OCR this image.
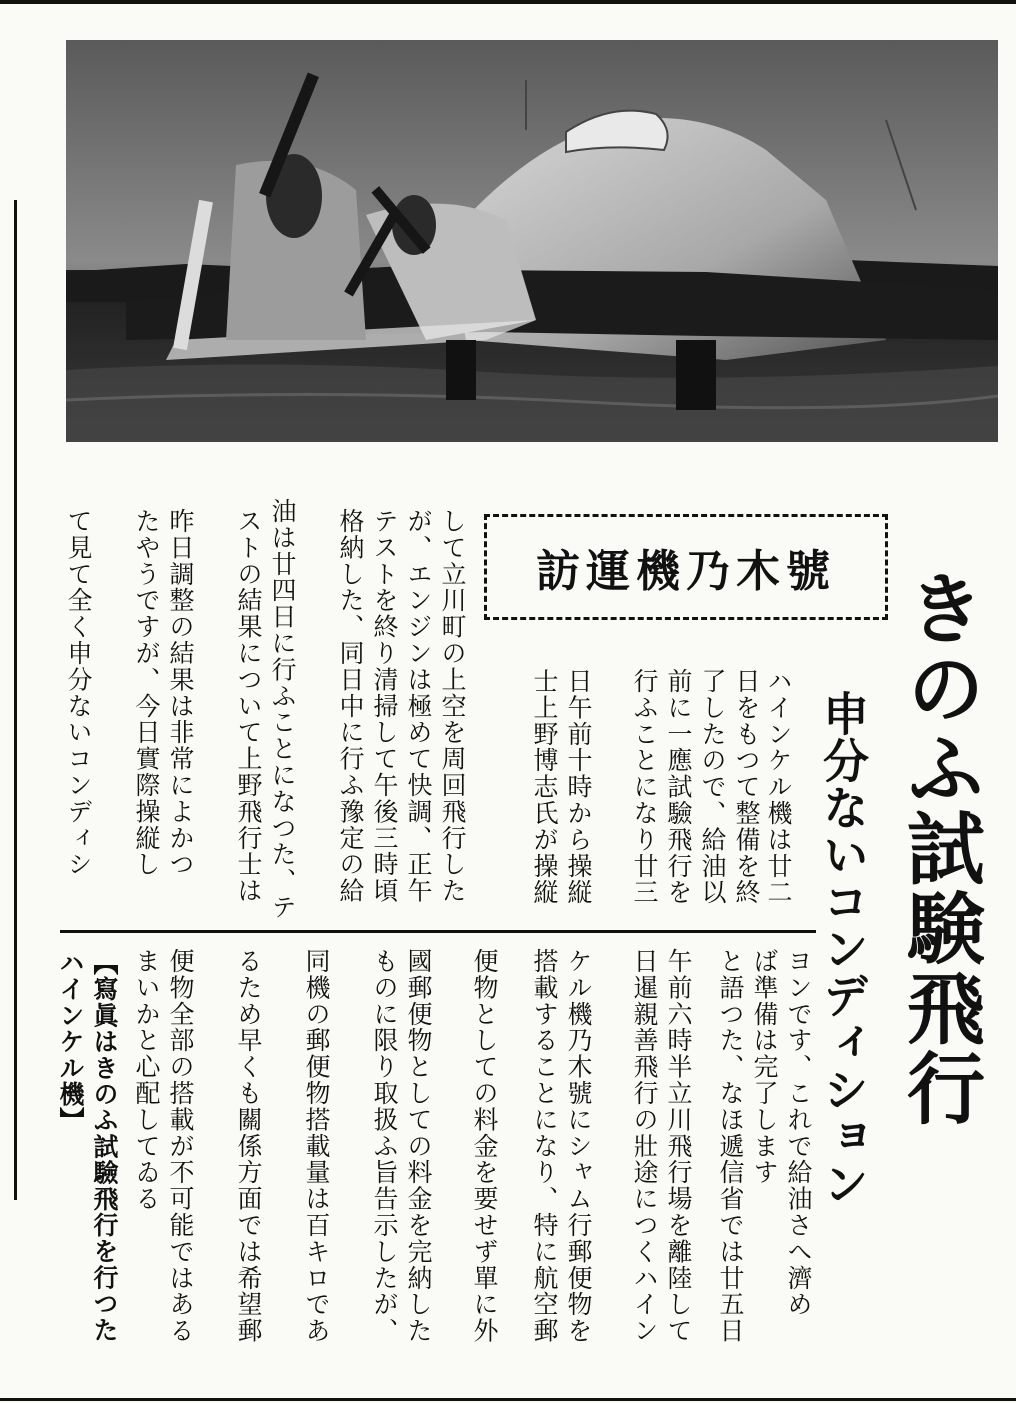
きのふ試験飛行
申分ないコンディション
訪運機乃木號
ハインケル機は廿二
日をもつて整備を終
了したので、給油以
前に一應試驗飛行を
行ふことになり廿三
日午前十時から操縦
士上野博志氏が操縦
して立川町の上空を周回飛行した
が、エンジンは極めて快調、正午
テストを終り清掃して午後三時頃
格納した、同日中に行ふ豫定の給
油は廿四日に行ふことになつた、テ
ストの結果について上野飛行士は
昨日調整の結果は非常によかつ
たやうですが、今日實際操縦し
て見て全く申分ないコンディシ
ヨンです、これで給油さへ濟め
ば準備は完了します
と語つた、なほ遞信省では廿五日
午前六時半立川飛行場を離陸して
日暹親善飛行の壯途につくハイン
ケル機乃木號にシャム行郵便物を
搭載することになり、特に航空郵
便物としての料金を要せず單に外
國郵便物としての料金を完納した
ものに限り取扱ふ旨告示したが、
同機の郵便物搭載量は百キロであ
るため早くも關係方面では希望郵
便物全部の搭載が不可能ではある
まいかと心配してゐる
【寫眞はきのふ試驗飛行を行つた
ハインケル機】
